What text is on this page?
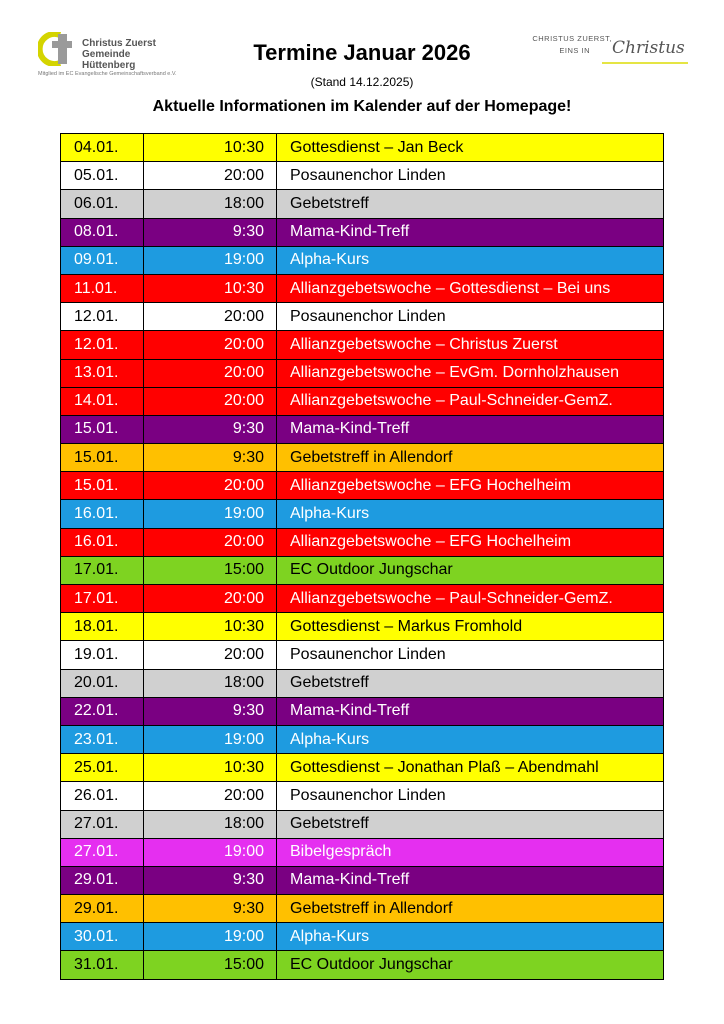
Christus Zuerst
Gemeinde
Hüttenberg
Mitglied im EC Evangelische Gemeinschaftsverband e.V.
CHRISTUS ZUERST,
EINS IN Christus
Termine Januar 2026
(Stand 14.12.2025)
Aktuelle Informationen im Kalender auf der Homepage!
04.01.	10:30	Gottesdienst – Jan Beck
05.01.	20:00	Posaunenchor Linden
06.01.	18:00	Gebetstreff
08.01.	9:30	Mama-Kind-Treff
09.01.	19:00	Alpha-Kurs
11.01.	10:30	Allianzgebetswoche – Gottesdienst – Bei uns
12.01.	20:00	Posaunenchor Linden
12.01.	20:00	Allianzgebetswoche – Christus Zuerst
13.01.	20:00	Allianzgebetswoche – EvGm. Dornholzhausen
14.01.	20:00	Allianzgebetswoche – Paul-Schneider-GemZ.
15.01.	9:30	Mama-Kind-Treff
15.01.	9:30	Gebetstreff in Allendorf
15.01.	20:00	Allianzgebetswoche – EFG Hochelheim
16.01.	19:00	Alpha-Kurs
16.01.	20:00	Allianzgebetswoche – EFG Hochelheim
17.01.	15:00	EC Outdoor Jungschar
17.01.	20:00	Allianzgebetswoche – Paul-Schneider-GemZ.
18.01.	10:30	Gottesdienst – Markus Fromhold
19.01.	20:00	Posaunenchor Linden
20.01.	18:00	Gebetstreff
22.01.	9:30	Mama-Kind-Treff
23.01.	19:00	Alpha-Kurs
25.01.	10:30	Gottesdienst – Jonathan Plaß – Abendmahl
26.01.	20:00	Posaunenchor Linden
27.01.	18:00	Gebetstreff
27.01.	19:00	Bibelgespräch
29.01.	9:30	Mama-Kind-Treff
29.01.	9:30	Gebetstreff in Allendorf
30.01.	19:00	Alpha-Kurs
31.01.	15:00	EC Outdoor Jungschar
